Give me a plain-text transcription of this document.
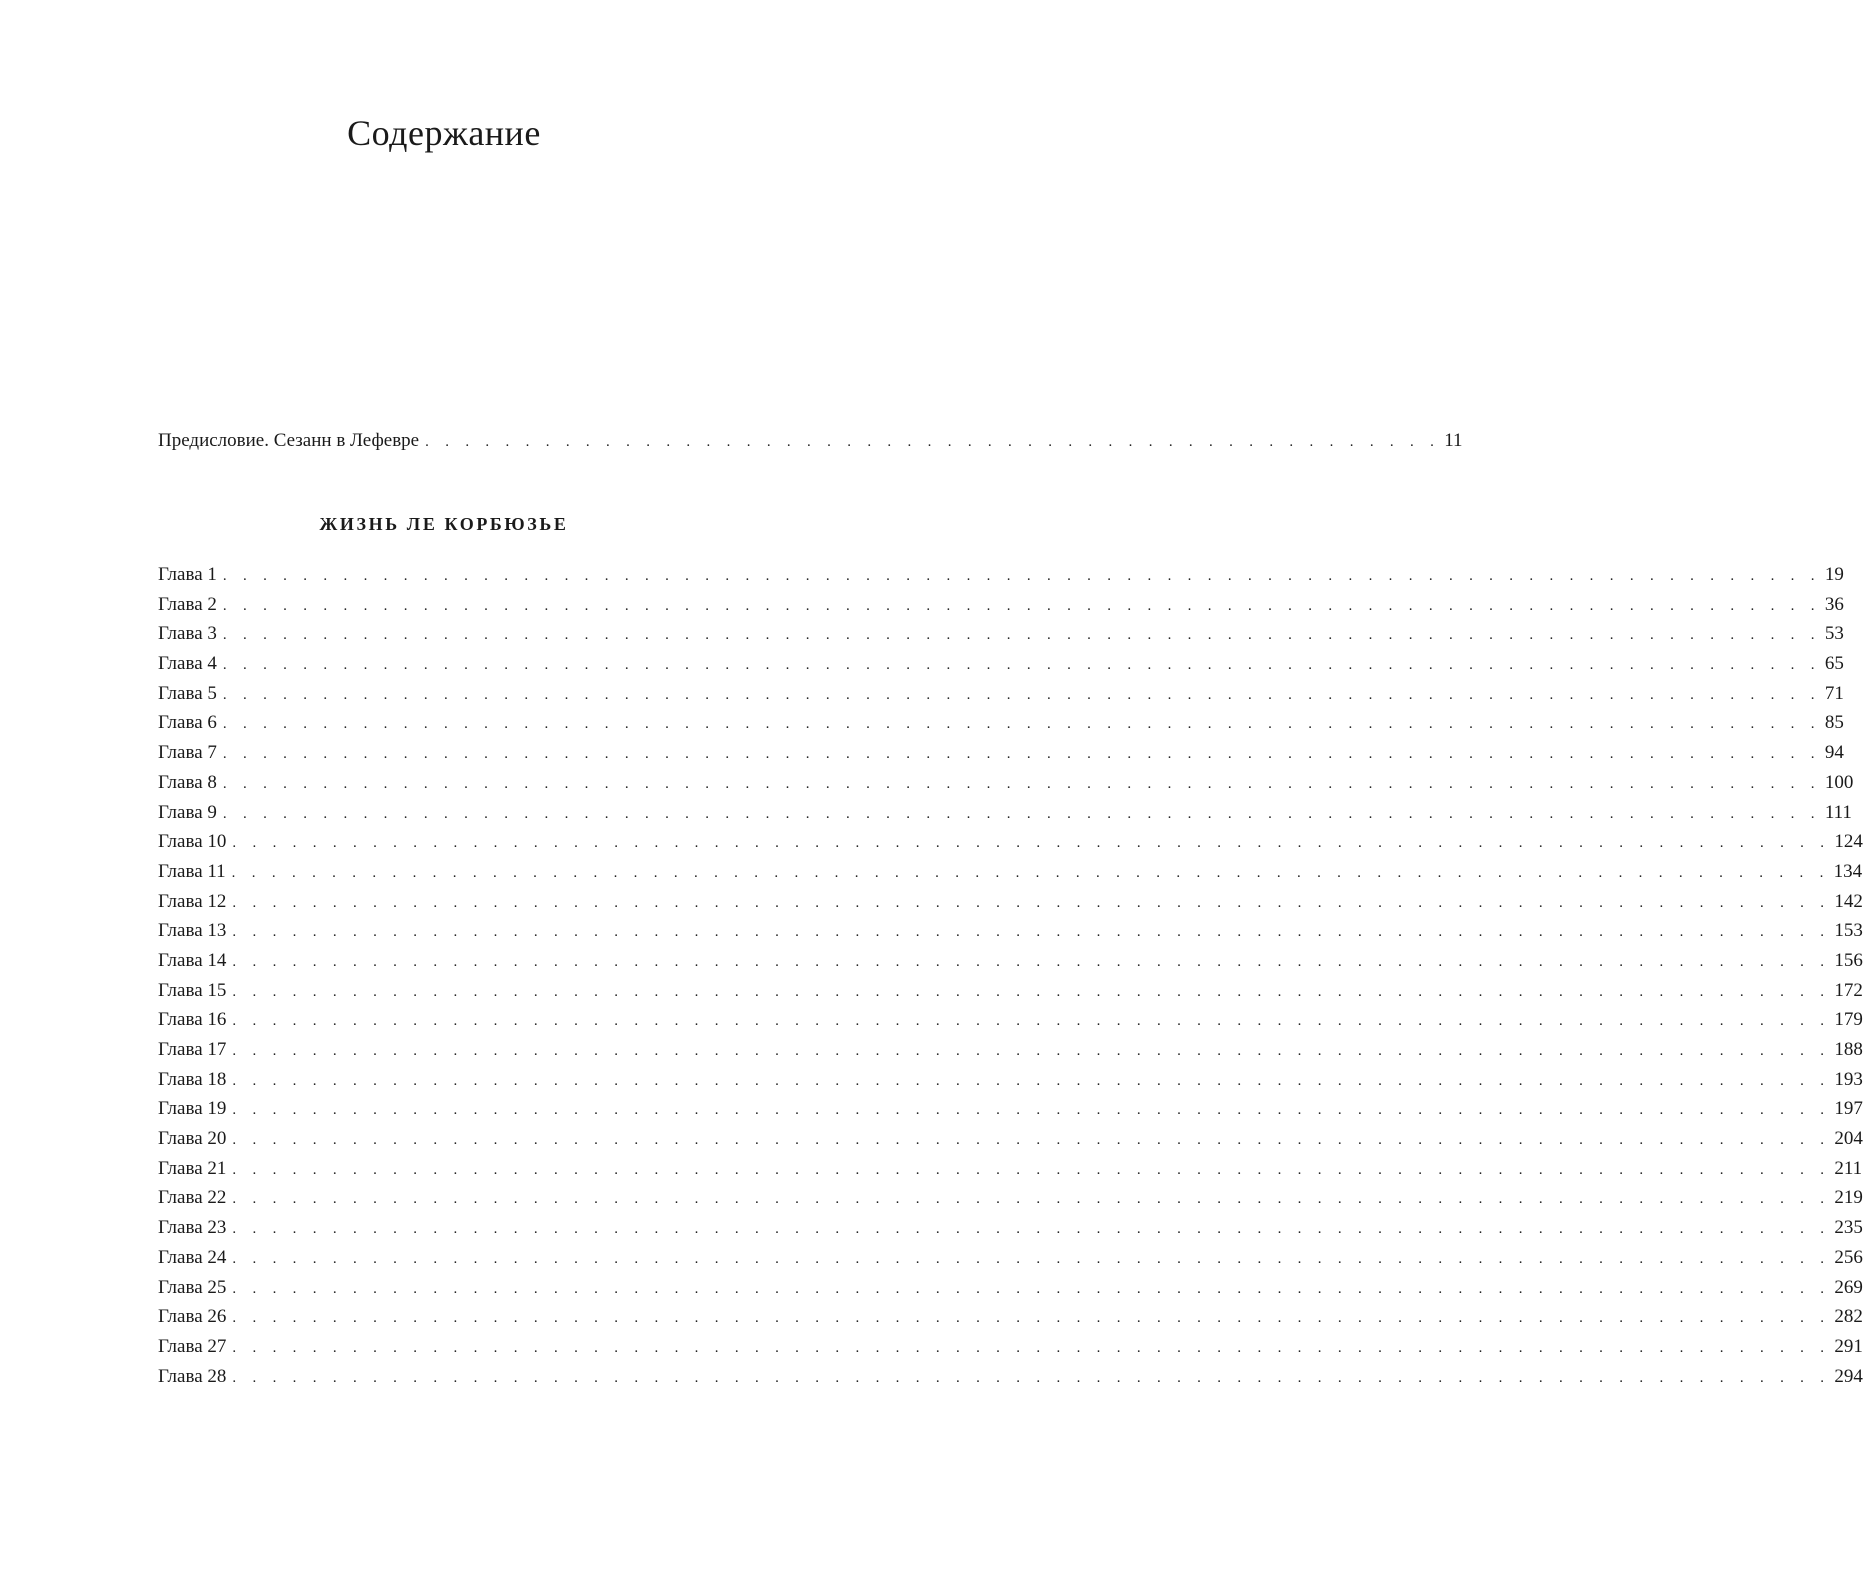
Содержание
Предисловие. Сезанн в Лефевре . . . . . . . . . . . . . . . . . . . . . . . . . . . . . . . . . . . . . . . . . . . . . . . . . . . 11
ЖИЗНЬ ЛЕ КОРБЮЗЬЕ
Глава 1 . . . . . . . . . . . . . . . . . . . . . . . . . . . . . . . . . . . . . . . . . . . . . . . . . . . . . . . . . . . . . . . . . . . . . . . . . . . . . . . . 19
Глава 2 . . . . . . . . . . . . . . . . . . . . . . . . . . . . . . . . . . . . . . . . . . . . . . . . . . . . . . . . . . . . . . . . . . . . . . . . . . . . . . . . 36
Глава 3 . . . . . . . . . . . . . . . . . . . . . . . . . . . . . . . . . . . . . . . . . . . . . . . . . . . . . . . . . . . . . . . . . . . . . . . . . . . . . . . . 53
Глава 4 . . . . . . . . . . . . . . . . . . . . . . . . . . . . . . . . . . . . . . . . . . . . . . . . . . . . . . . . . . . . . . . . . . . . . . . . . . . . . . . . 65
Глава 5 . . . . . . . . . . . . . . . . . . . . . . . . . . . . . . . . . . . . . . . . . . . . . . . . . . . . . . . . . . . . . . . . . . . . . . . . . . . . . . . . 71
Глава 6 . . . . . . . . . . . . . . . . . . . . . . . . . . . . . . . . . . . . . . . . . . . . . . . . . . . . . . . . . . . . . . . . . . . . . . . . . . . . . . . . 85
Глава 7 . . . . . . . . . . . . . . . . . . . . . . . . . . . . . . . . . . . . . . . . . . . . . . . . . . . . . . . . . . . . . . . . . . . . . . . . . . . . . . . . 94
Глава 8 . . . . . . . . . . . . . . . . . . . . . . . . . . . . . . . . . . . . . . . . . . . . . . . . . . . . . . . . . . . . . . . . . . . . . . . . . . . . . . . . 100
Глава 9 . . . . . . . . . . . . . . . . . . . . . . . . . . . . . . . . . . . . . . . . . . . . . . . . . . . . . . . . . . . . . . . . . . . . . . . . . . . . . . . . 111
Глава 10 . . . . . . . . . . . . . . . . . . . . . . . . . . . . . . . . . . . . . . . . . . . . . . . . . . . . . . . . . . . . . . . . . . . . . . . . . . . . . . . . 124
Глава 11 . . . . . . . . . . . . . . . . . . . . . . . . . . . . . . . . . . . . . . . . . . . . . . . . . . . . . . . . . . . . . . . . . . . . . . . . . . . . . . . . 134
Глава 12 . . . . . . . . . . . . . . . . . . . . . . . . . . . . . . . . . . . . . . . . . . . . . . . . . . . . . . . . . . . . . . . . . . . . . . . . . . . . . . . . 142
Глава 13 . . . . . . . . . . . . . . . . . . . . . . . . . . . . . . . . . . . . . . . . . . . . . . . . . . . . . . . . . . . . . . . . . . . . . . . . . . . . . . . . 153
Глава 14 . . . . . . . . . . . . . . . . . . . . . . . . . . . . . . . . . . . . . . . . . . . . . . . . . . . . . . . . . . . . . . . . . . . . . . . . . . . . . . . . 156
Глава 15 . . . . . . . . . . . . . . . . . . . . . . . . . . . . . . . . . . . . . . . . . . . . . . . . . . . . . . . . . . . . . . . . . . . . . . . . . . . . . . . . 172
Глава 16 . . . . . . . . . . . . . . . . . . . . . . . . . . . . . . . . . . . . . . . . . . . . . . . . . . . . . . . . . . . . . . . . . . . . . . . . . . . . . . . . 179
Глава 17 . . . . . . . . . . . . . . . . . . . . . . . . . . . . . . . . . . . . . . . . . . . . . . . . . . . . . . . . . . . . . . . . . . . . . . . . . . . . . . . . 188
Глава 18 . . . . . . . . . . . . . . . . . . . . . . . . . . . . . . . . . . . . . . . . . . . . . . . . . . . . . . . . . . . . . . . . . . . . . . . . . . . . . . . . 193
Глава 19 . . . . . . . . . . . . . . . . . . . . . . . . . . . . . . . . . . . . . . . . . . . . . . . . . . . . . . . . . . . . . . . . . . . . . . . . . . . . . . . . 197
Глава 20 . . . . . . . . . . . . . . . . . . . . . . . . . . . . . . . . . . . . . . . . . . . . . . . . . . . . . . . . . . . . . . . . . . . . . . . . . . . . . . . . 204
Глава 21 . . . . . . . . . . . . . . . . . . . . . . . . . . . . . . . . . . . . . . . . . . . . . . . . . . . . . . . . . . . . . . . . . . . . . . . . . . . . . . . . 211
Глава 22 . . . . . . . . . . . . . . . . . . . . . . . . . . . . . . . . . . . . . . . . . . . . . . . . . . . . . . . . . . . . . . . . . . . . . . . . . . . . . . . . 219
Глава 23 . . . . . . . . . . . . . . . . . . . . . . . . . . . . . . . . . . . . . . . . . . . . . . . . . . . . . . . . . . . . . . . . . . . . . . . . . . . . . . . . 235
Глава 24 . . . . . . . . . . . . . . . . . . . . . . . . . . . . . . . . . . . . . . . . . . . . . . . . . . . . . . . . . . . . . . . . . . . . . . . . . . . . . . . . 256
Глава 25 . . . . . . . . . . . . . . . . . . . . . . . . . . . . . . . . . . . . . . . . . . . . . . . . . . . . . . . . . . . . . . . . . . . . . . . . . . . . . . . . 269
Глава 26 . . . . . . . . . . . . . . . . . . . . . . . . . . . . . . . . . . . . . . . . . . . . . . . . . . . . . . . . . . . . . . . . . . . . . . . . . . . . . . . . 282
Глава 27 . . . . . . . . . . . . . . . . . . . . . . . . . . . . . . . . . . . . . . . . . . . . . . . . . . . . . . . . . . . . . . . . . . . . . . . . . . . . . . . . 291
Глава 28 . . . . . . . . . . . . . . . . . . . . . . . . . . . . . . . . . . . . . . . . . . . . . . . . . . . . . . . . . . . . . . . . . . . . . . . . . . . . . . . . 294
